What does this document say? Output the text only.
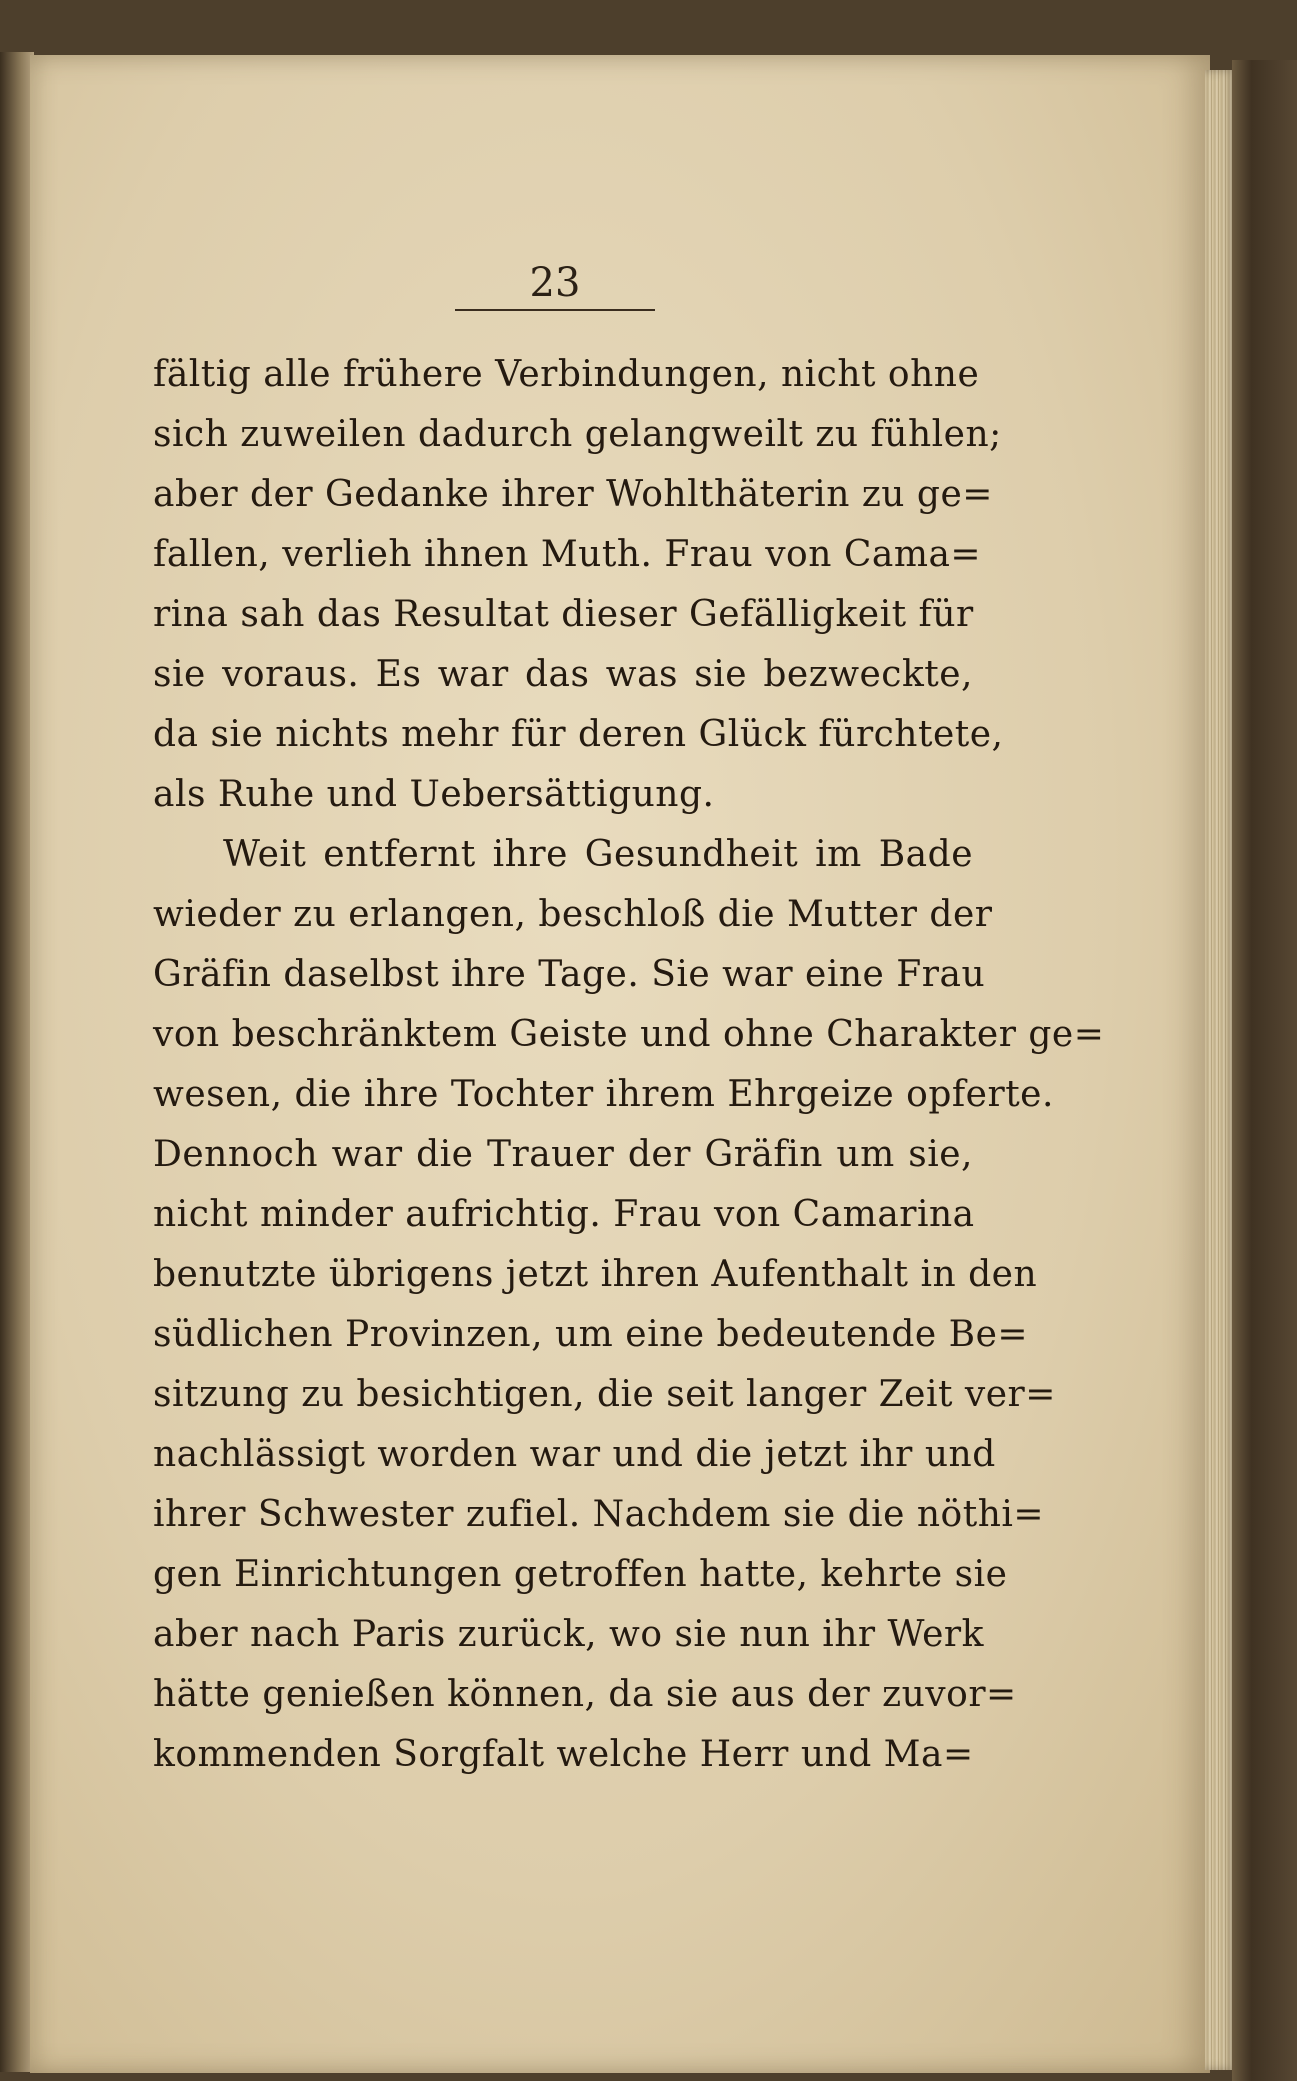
23
fältig alle frühere Verbindungen, nicht ohne
sich zuweilen dadurch gelangweilt zu fühlen;
aber der Gedanke ihrer Wohlthäterin zu ge=
fallen, verlieh ihnen Muth. Frau von Cama=
rina sah das Resultat dieser Gefälligkeit für
sie voraus. Es war das was sie bezweckte,
da sie nichts mehr für deren Glück fürchtete,
als Ruhe und Uebersättigung.
Weit entfernt ihre Gesundheit im Bade
wieder zu erlangen, beschloß die Mutter der
Gräfin daselbst ihre Tage. Sie war eine Frau
von beschränktem Geiste und ohne Charakter ge=
wesen, die ihre Tochter ihrem Ehrgeize opferte.
Dennoch war die Trauer der Gräfin um sie,
nicht minder aufrichtig. Frau von Camarina
benutzte übrigens jetzt ihren Aufenthalt in den
südlichen Provinzen, um eine bedeutende Be=
sitzung zu besichtigen, die seit langer Zeit ver=
nachlässigt worden war und die jetzt ihr und
ihrer Schwester zufiel. Nachdem sie die nöthi=
gen Einrichtungen getroffen hatte, kehrte sie
aber nach Paris zurück, wo sie nun ihr Werk
hätte genießen können, da sie aus der zuvor=
kommenden Sorgfalt welche Herr und Ma=
